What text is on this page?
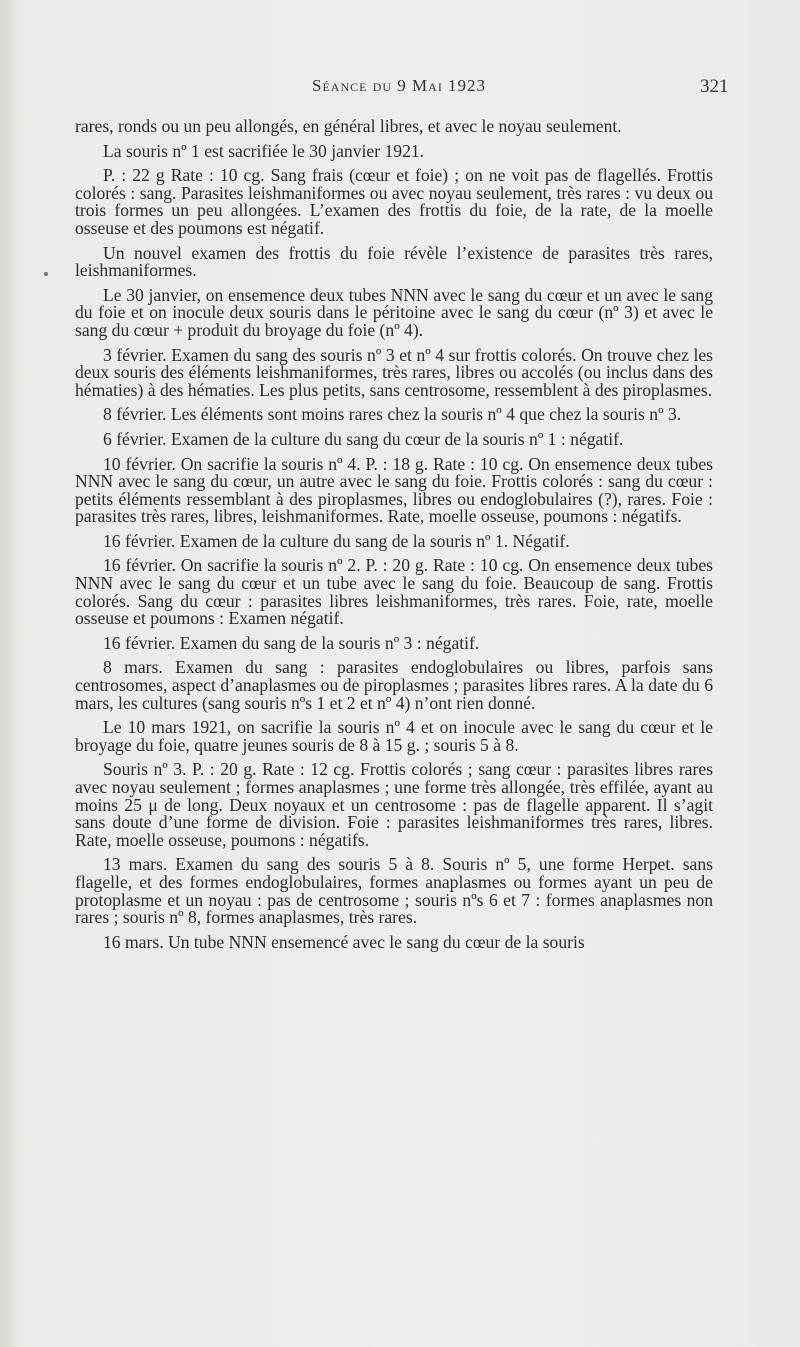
Séance du 9 Mai 1923	321

rares, ronds ou un peu allongés, en général libres, et avec le noyau seulement.

La souris nº 1 est sacrifiée le 30 janvier 1921.

P. : 22 g Rate : 10 cg. Sang frais (cœur et foie) ; on ne voit pas de flagellés. Frottis colorés : sang. Parasites leishmaniformes ou avec noyau seulement, très rares : vu deux ou trois formes un peu allongées. L’examen des frottis du foie, de la rate, de la moelle osseuse et des poumons est négatif.

Un nouvel examen des frottis du foie révèle l’existence de parasites très rares, leishmaniformes.

Le 30 janvier, on ensemence deux tubes NNN avec le sang du cœur et un avec le sang du foie et on inocule deux souris dans le péritoine avec le sang du cœur (nº 3) et avec le sang du cœur + produit du broyage du foie (nº 4).

3 février. Examen du sang des souris nº 3 et nº 4 sur frottis colorés. On trouve chez les deux souris des éléments leishmaniformes, très rares, libres ou accolés (ou inclus dans des hématies) à des hématies. Les plus petits, sans centrosome, ressemblent à des piroplasmes.

8 février. Les éléments sont moins rares chez la souris nº 4 que chez la souris nº 3.

6 février. Examen de la culture du sang du cœur de la souris nº 1 : négatif.

10 février. On sacrifie la souris nº 4. P. : 18 g. Rate : 10 cg. On ensemence deux tubes NNN avec le sang du cœur, un autre avec le sang du foie. Frottis colorés : sang du cœur : petits éléments ressemblant à des piroplasmes, libres ou endoglobulaires (?), rares. Foie : parasites très rares, libres, leishmaniformes. Rate, moelle osseuse, poumons : négatifs.

16 février. Examen de la culture du sang de la souris nº 1. Négatif.

16 février. On sacrifie la souris nº 2. P. : 20 g. Rate : 10 cg. On ensemence deux tubes NNN avec le sang du cœur et un tube avec le sang du foie. Beaucoup de sang. Frottis colorés. Sang du cœur : parasites libres leishmaniformes, très rares. Foie, rate, moelle osseuse et poumons : Examen négatif.

16 février. Examen du sang de la souris nº 3 : négatif.

8 mars. Examen du sang : parasites endoglobulaires ou libres, parfois sans centrosomes, aspect d’anaplasmes ou de piroplasmes ; parasites libres rares. A la date du 6 mars, les cultures (sang souris nºs 1 et 2 et nº 4) n’ont rien donné.

Le 10 mars 1921, on sacrifie la souris nº 4 et on inocule avec le sang du cœur et le broyage du foie, quatre jeunes souris de 8 à 15 g. ; souris 5 à 8.

Souris nº 3. P. : 20 g. Rate : 12 cg. Frottis colorés ; sang cœur : parasites libres rares avec noyau seulement ; formes anaplasmes ; une forme très allongée, très effilée, ayant au moins 25 μ de long. Deux noyaux et un centrosome : pas de flagelle apparent. Il s’agit sans doute d’une forme de division. Foie : parasites leishmaniformes très rares, libres. Rate, moelle osseuse, poumons : négatifs.

13 mars. Examen du sang des souris 5 à 8. Souris nº 5, une forme Herpet. sans flagelle, et des formes endoglobulaires, formes anaplasmes ou formes ayant un peu de protoplasme et un noyau : pas de centrosome ; souris nºs 6 et 7 : formes anaplasmes non rares ; souris nº 8, formes anaplasmes, très rares.

16 mars. Un tube NNN ensemencé avec le sang du cœur de la souris
